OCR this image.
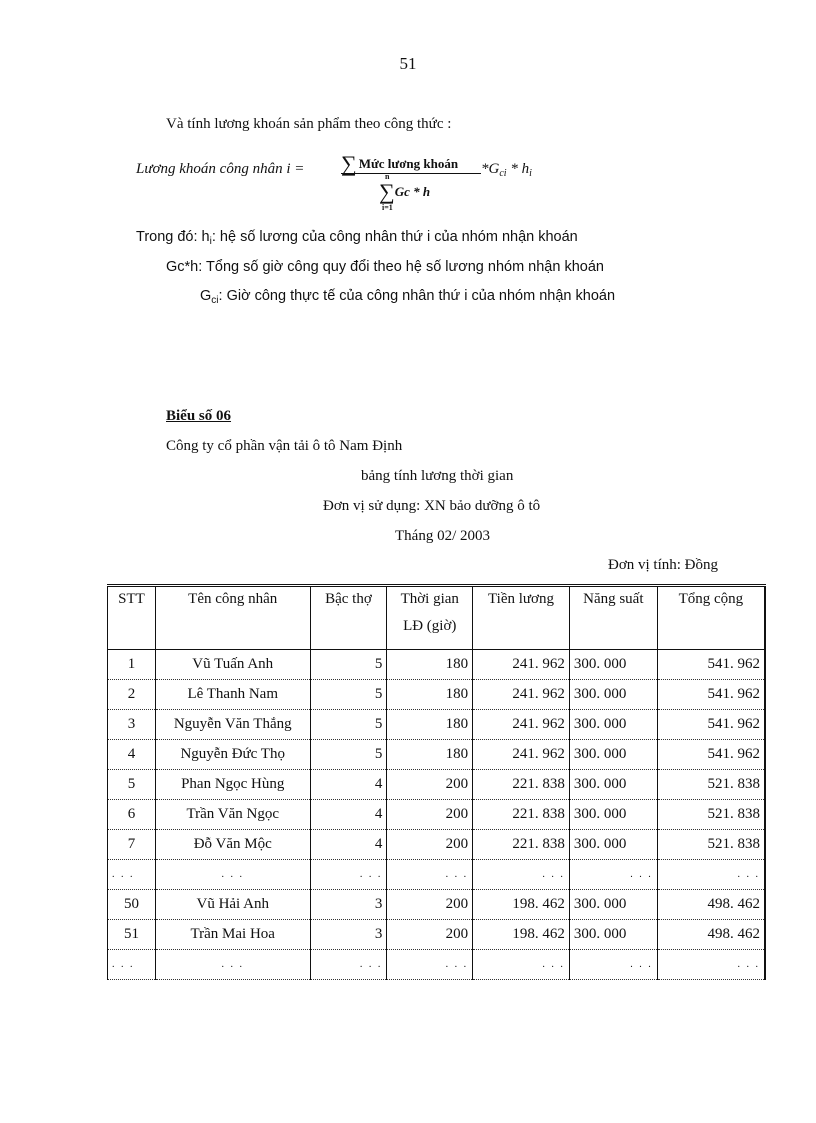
51
Và tính lương khoán sản phẩm theo công thức :
Lương khoán công nhân i = ∑ Mức lương khoán
n
∑Gc * h
i=1
$*G_{ci} * h_i$
Trong đó: $h_i$: hệ số lương của công nhân thứ i của nhóm nhận khoán
Gc*h: Tổng số giờ công quy đổi theo hệ số lương nhóm nhận khoán
$G_{ci}$: Giờ công thực tế của công nhân thứ i của nhóm nhận khoán
Biểu số 06
Công ty cổ phần vận tải ô tô Nam Định
bảng tính lương thời gian
Đơn vị sử dụng: XN bảo dưỡng ô tô
Tháng 02/ 2003
Đơn vị tính: Đồng
STT	Tên công nhân	Bậc thợ	Thời gian
LĐ (giờ)	Tiền lương	Năng suất	Tổng cộng
1	Vũ Tuấn Anh	5	180	241. 962	300. 000	541. 962
2	Lê Thanh Nam	5	180	241. 962	300. 000	541. 962
3	Nguyễn Văn Thắng	5	180	241. 962	300. 000	541. 962
4	Nguyễn Đức Thọ	5	180	241. 962	300. 000	541. 962
5	Phan Ngọc Hùng	4	200	221. 838	300. 000	521. 838
6	Trần Văn Ngọc	4	200	221. 838	300. 000	521. 838
7	Đỗ Văn Mộc	4	200	221. 838	300. 000	521. 838
. . .	. . .	. . .	. . .	. . .	. . .	. . .
50	Vũ Hải Anh	3	200	198. 462	300. 000	498. 462
51	Trần Mai Hoa	3	200	198. 462	300. 000	498. 462
. . .	. . .	. . .	. . .	. . .	. . .	. . .
